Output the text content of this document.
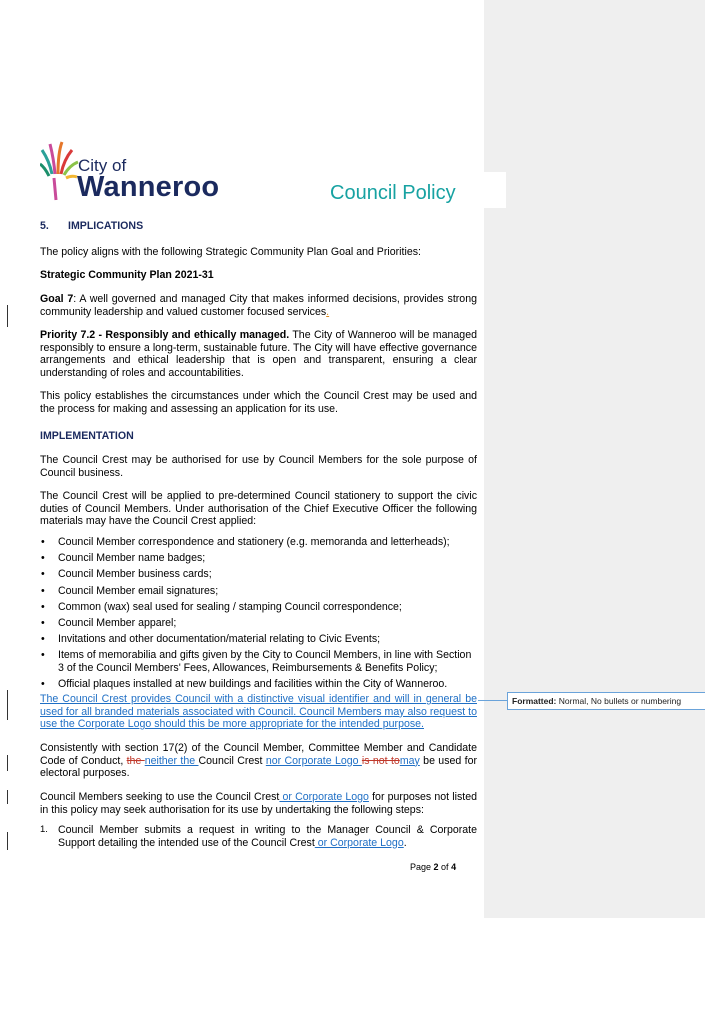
City of
Wanneroo	Council Policy
5. IMPLICATIONS

The policy aligns with the following Strategic Community Plan Goal and Priorities:

Strategic Community Plan 2021-31

Goal 7: A well governed and managed City that makes informed decisions, provides strong community leadership and valued customer focused services.

Priority 7.2 - Responsibly and ethically managed. The City of Wanneroo will be managed responsibly to ensure a long-term, sustainable future. The City will have effective governance arrangements and ethical leadership that is open and transparent, ensuring a clear understanding of roles and accountabilities.

This policy establishes the circumstances under which the Council Crest may be used and the process for making and assessing an application for its use.

IMPLEMENTATION

The Council Crest may be authorised for use by Council Members for the sole purpose of Council business.

The Council Crest will be applied to pre-determined Council stationery to support the civic duties of Council Members. Under authorisation of the Chief Executive Officer the following materials may have the Council Crest applied:

• Council Member correspondence and stationery (e.g. memoranda and letterheads);
• Council Member name badges;
• Council Member business cards;
• Council Member email signatures;
• Common (wax) seal used for sealing / stamping Council correspondence;
• Council Member apparel;
• Invitations and other documentation/material relating to Civic Events;
• Items of memorabilia and gifts given by the City to Council Members, in line with Section 3 of the Council Members' Fees, Allowances, Reimbursements & Benefits Policy;
• Official plaques installed at new buildings and facilities within the City of Wanneroo.

The Council Crest provides Council with a distinctive visual identifier and will in general be used for all branded materials associated with Council. Council Members may also request to use the Corporate Logo should this be more appropriate for the intended purpose.

Consistently with section 17(2) of the Council Member, Committee Member and Candidate Code of Conduct, the neither the Council Crest nor Corporate Logo is not tomay be used for electoral purposes.

Council Members seeking to use the Council Crest or Corporate Logo for purposes not listed in this policy may seek authorisation for its use by undertaking the following steps:

1. Council Member submits a request in writing to the Manager Council & Corporate Support detailing the intended use of the Council Crest or Corporate Logo.
Page 2 of 4
Formatted: Normal, No bullets or numbering
